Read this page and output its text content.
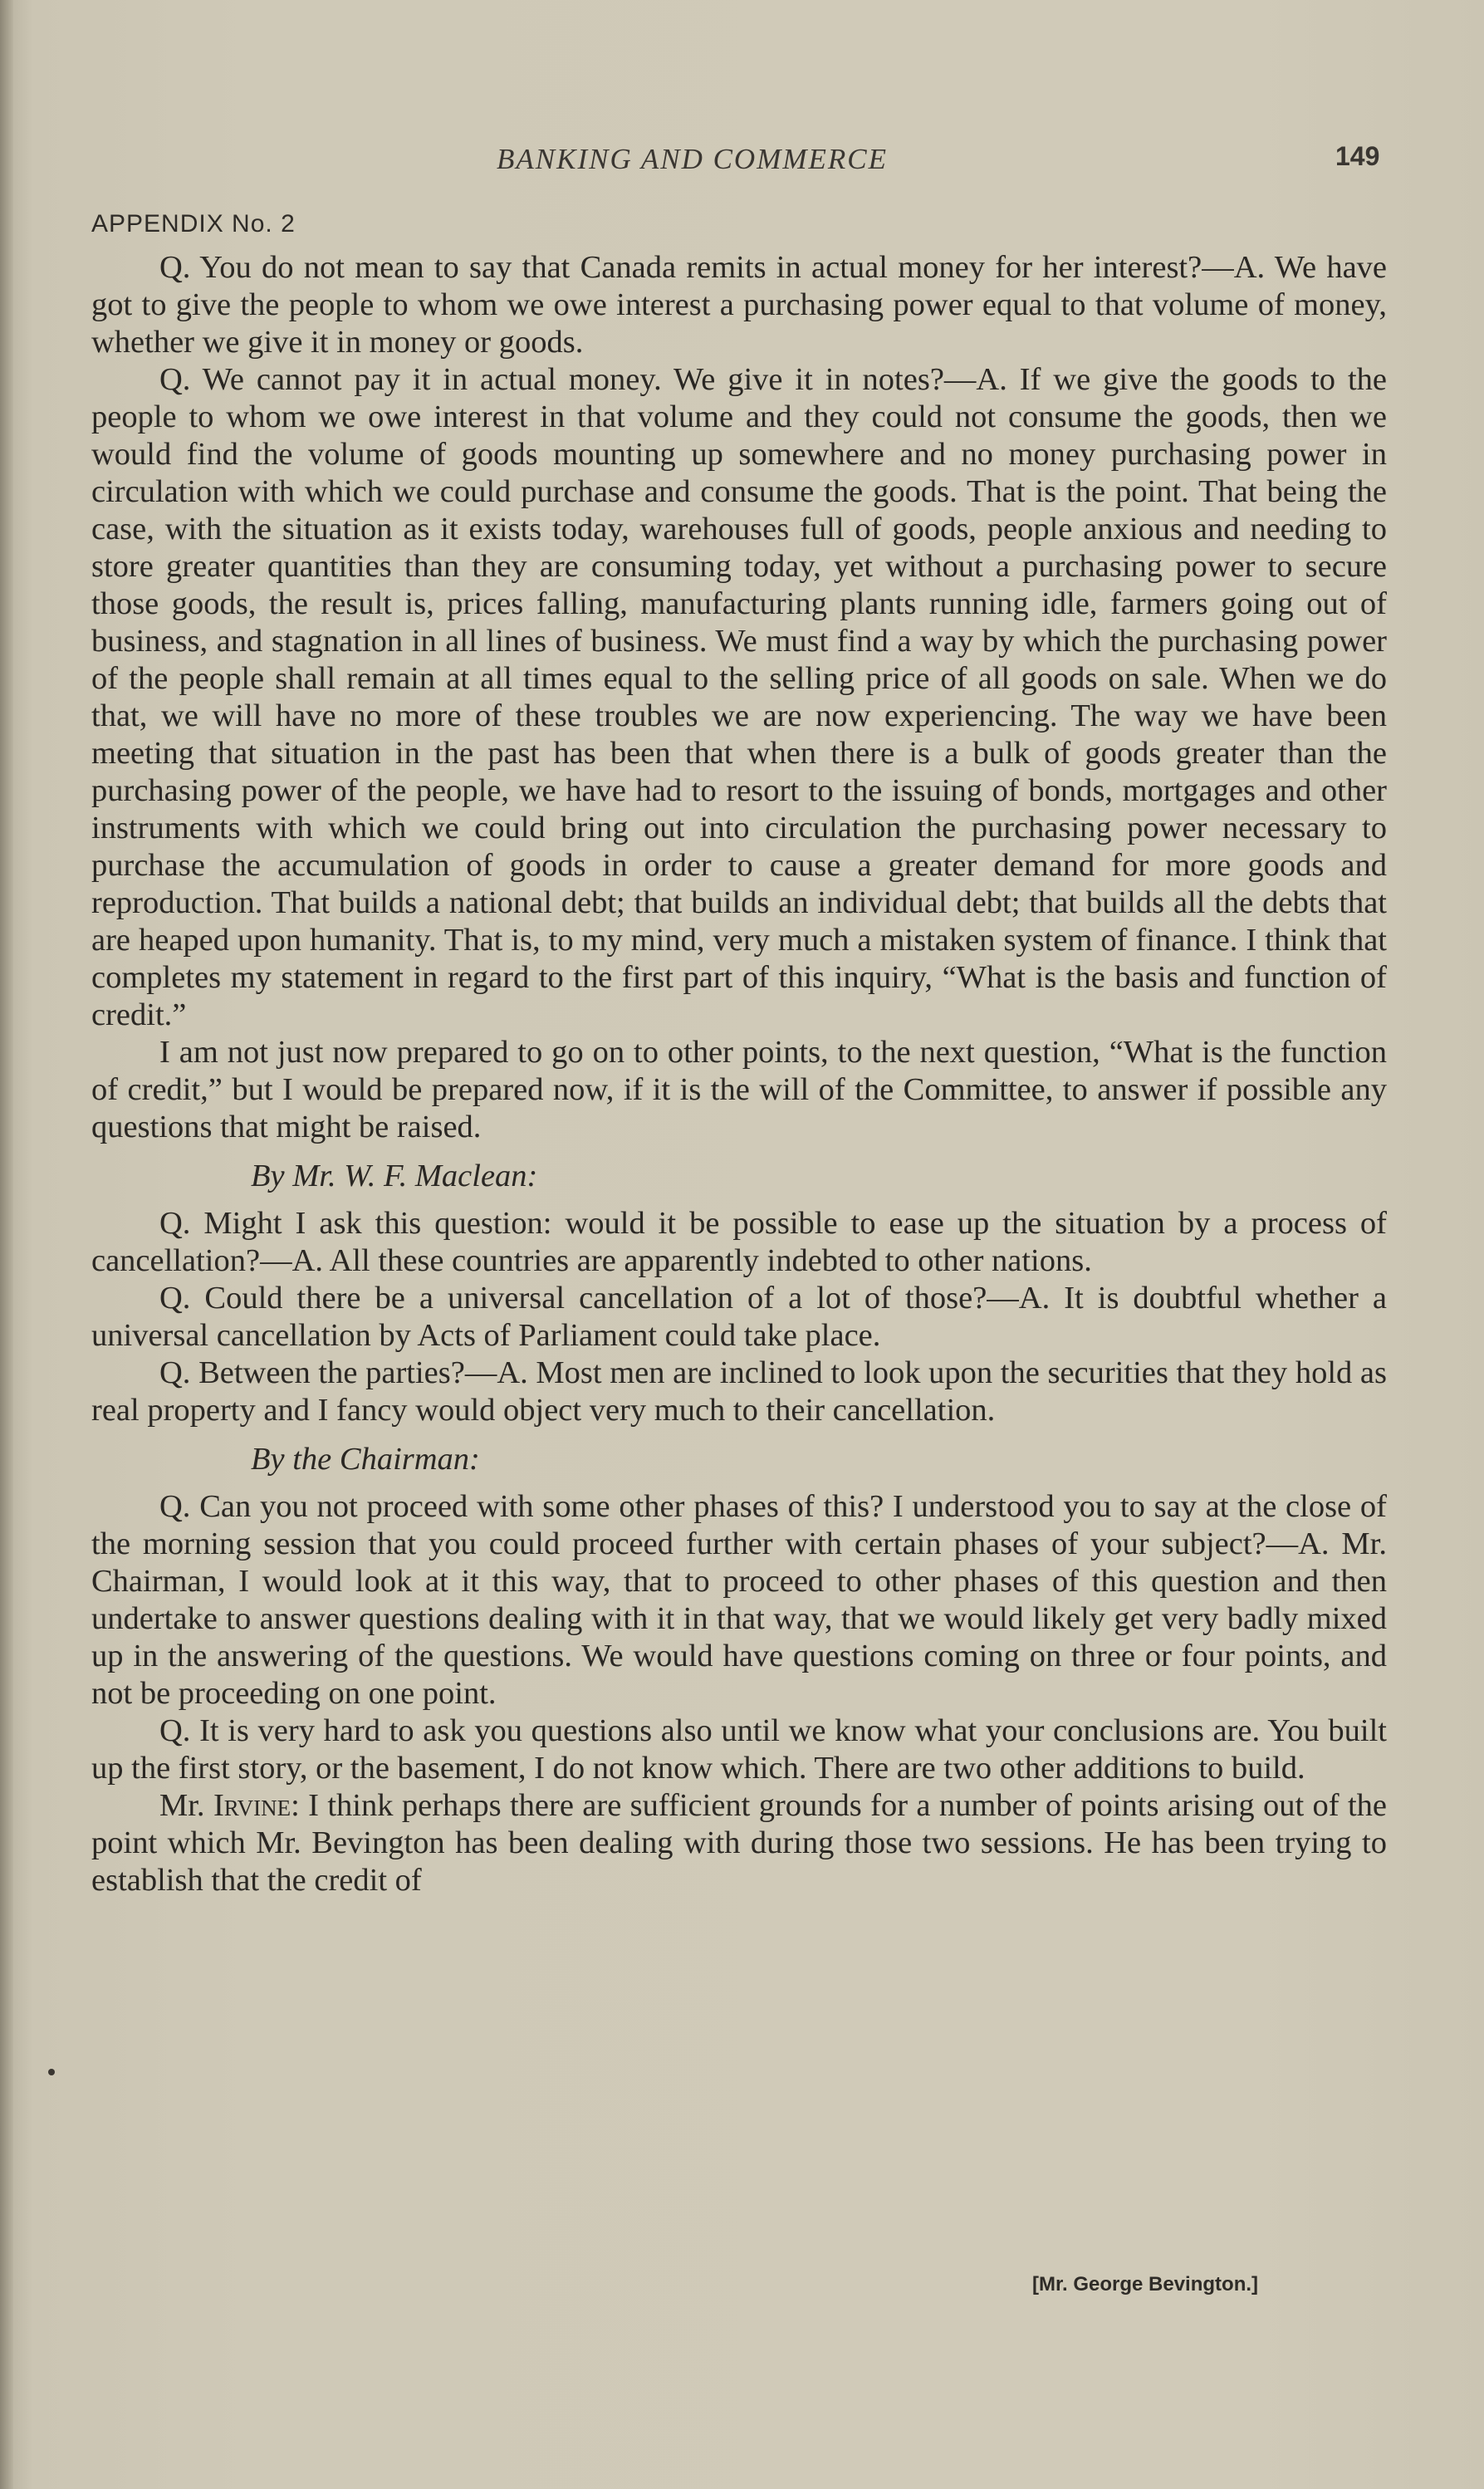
BANKING AND COMMERCE	149
APPENDIX No. 2

Q. You do not mean to say that Canada remits in actual money for her interest?—A. We have got to give the people to whom we owe interest a purchasing power equal to that volume of money, whether we give it in money or goods.

Q. We cannot pay it in actual money. We give it in notes?—A. If we give the goods to the people to whom we owe interest in that volume and they could not consume the goods, then we would find the volume of goods mounting up somewhere and no money purchasing power in circulation with which we could purchase and consume the goods. That is the point. That being the case, with the situation as it exists today, warehouses full of goods, people anxious and needing to store greater quantities than they are consuming today, yet without a purchasing power to secure those goods, the result is, prices falling, manufacturing plants running idle, farmers going out of business, and stagnation in all lines of business. We must find a way by which the purchasing power of the people shall remain at all times equal to the selling price of all goods on sale. When we do that, we will have no more of these troubles we are now experiencing. The way we have been meeting that situation in the past has been that when there is a bulk of goods greater than the purchasing power of the people, we have had to resort to the issuing of bonds, mortgages and other instruments with which we could bring out into circulation the purchasing power necessary to purchase the accumulation of goods in order to cause a greater demand for more goods and reproduction. That builds a national debt; that builds an individual debt; that builds all the debts that are heaped upon humanity. That is, to my mind, very much a mistaken system of finance. I think that completes my statement in regard to the first part of this inquiry, “What is the basis and function of credit.”

I am not just now prepared to go on to other points, to the next question, “What is the function of credit,” but I would be prepared now, if it is the will of the Committee, to answer if possible any questions that might be raised.

By Mr. W. F. Maclean:

Q. Might I ask this question: would it be possible to ease up the situation by a process of cancellation?—A. All these countries are apparently indebted to other nations.

Q. Could there be a universal cancellation of a lot of those?—A. It is doubtful whether a universal cancellation by Acts of Parliament could take place.

Q. Between the parties?—A. Most men are inclined to look upon the securities that they hold as real property and I fancy would object very much to their cancellation.

By the Chairman:

Q. Can you not proceed with some other phases of this? I understood you to say at the close of the morning session that you could proceed further with certain phases of your subject?—A. Mr. Chairman, I would look at it this way, that to proceed to other phases of this question and then undertake to answer questions dealing with it in that way, that we would likely get very badly mixed up in the answering of the questions. We would have questions coming on three or four points, and not be proceeding on one point.

Q. It is very hard to ask you questions also until we know what your conclusions are. You built up the first story, or the basement, I do not know which. There are two other additions to build.

Mr. Irvine: I think perhaps there are sufficient grounds for a number of points arising out of the point which Mr. Bevington has been dealing with during those two sessions. He has been trying to establish that the credit of

[Mr. George Bevington.]
